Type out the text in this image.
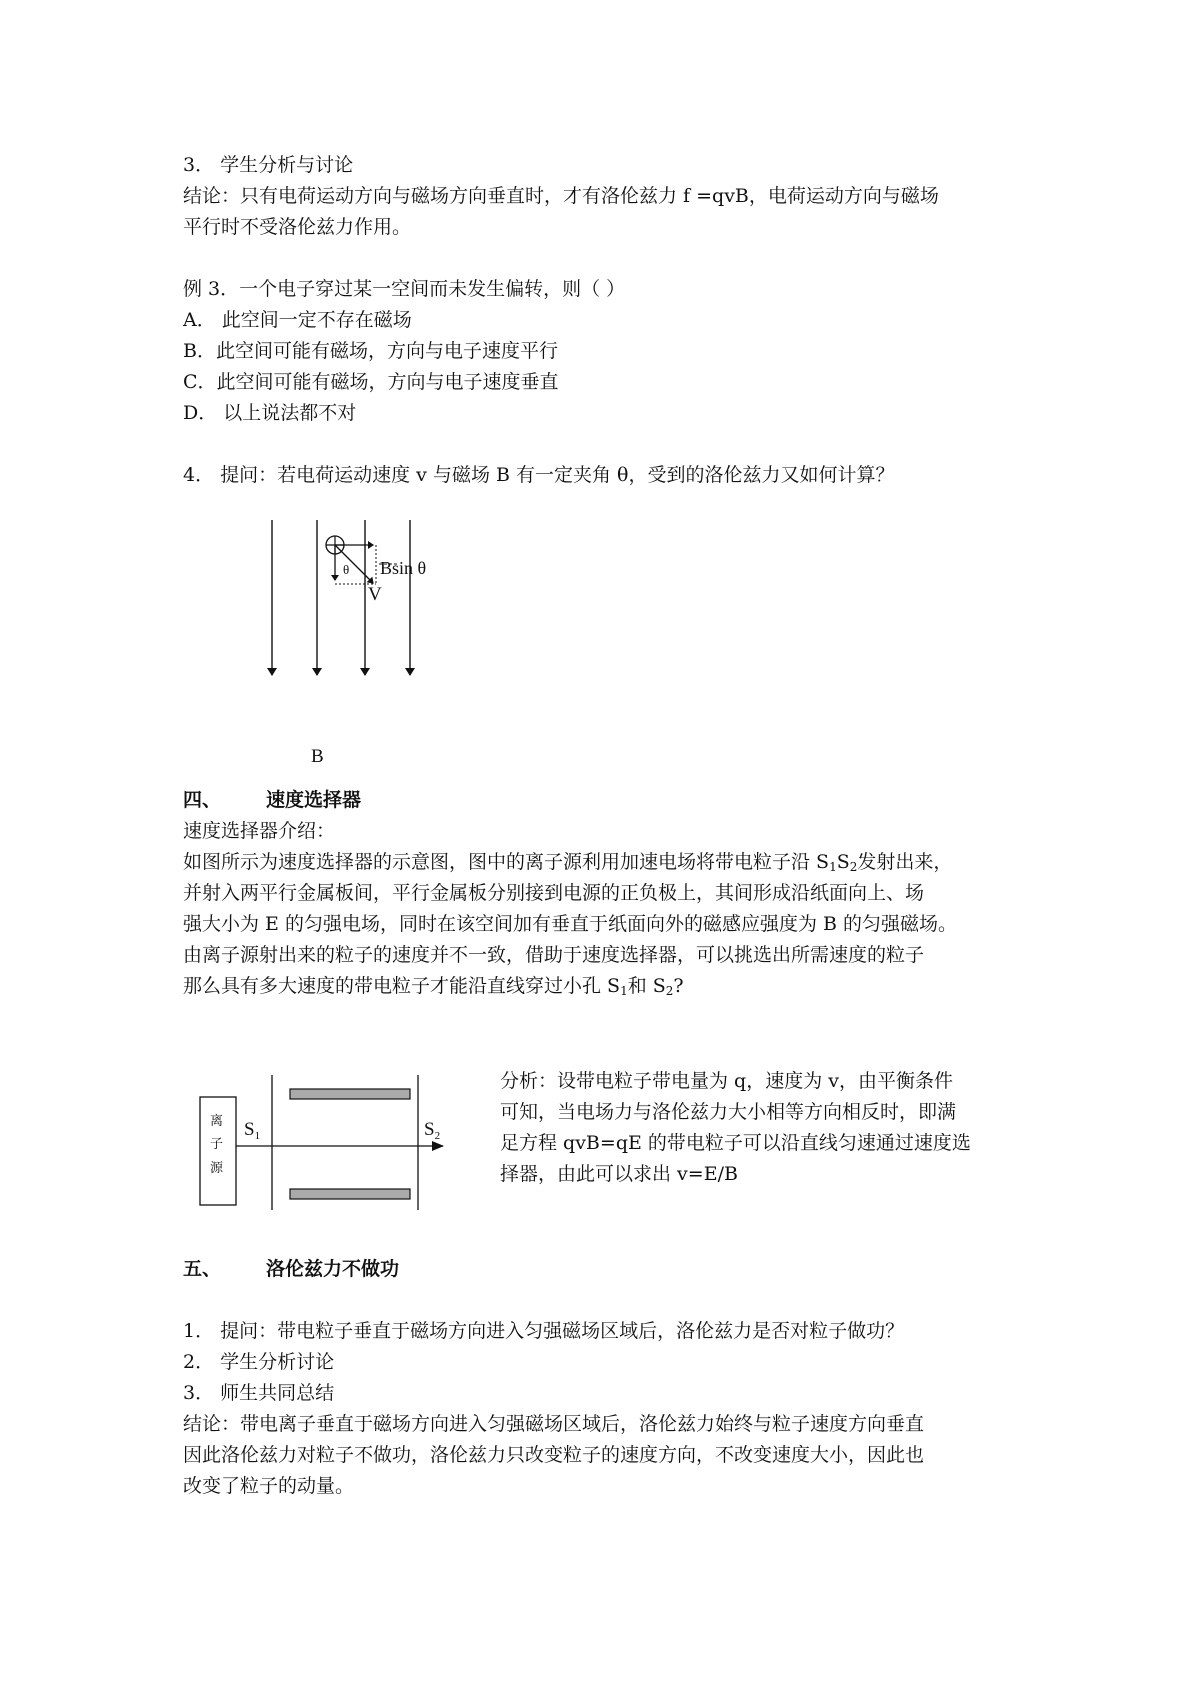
3． 学生分析与讨论

结论：只有电荷运动方向与磁场方向垂直时，才有洛伦兹力 f =qvB，电荷运动方向与磁场

平行时不受洛伦兹力作用。

例 3．一个电子穿过某一空间而未发生偏转，则（ ）

A． 此空间一定不存在磁场

B．此空间可能有磁场，方向与电子速度平行

C．此空间可能有磁场，方向与电子速度垂直

D． 以上说法都不对

4． 提问：若电荷运动速度 v 与磁场 B 有一定夹角 θ，受到的洛伦兹力又如何计算？

Bsin θ
θ
V
B

四、 速度选择器

速度选择器介绍：

如图所示为速度选择器的示意图，图中的离子源利用加速电场将带电粒子沿 $S_1S_2$发射出来，

并射入两平行金属板间，平行金属板分别接到电源的正负极上，其间形成沿纸面向上、场

强大小为 E 的匀强电场，同时在该空间加有垂直于纸面向外的磁感应强度为 B 的匀强磁场。

由离子源射出来的粒子的速度并不一致，借助于速度选择器，可以挑选出所需速度的粒子

那么具有多大速度的带电粒子才能沿直线穿过小孔 $S_1$和 $S_2$?

离
子
源
$S_1$	$S_2$

分析：设带电粒子带电量为 q，速度为 v，由平衡条件

可知，当电场力与洛伦兹力大小相等方向相反时，即满

足方程 qvB=qE 的带电粒子可以沿直线匀速通过速度选

择器，由此可以求出 v=E/B

五、 洛伦兹力不做功

1． 提问：带电粒子垂直于磁场方向进入匀强磁场区域后，洛伦兹力是否对粒子做功？

2． 学生分析讨论

3． 师生共同总结

结论：带电离子垂直于磁场方向进入匀强磁场区域后，洛伦兹力始终与粒子速度方向垂直

因此洛伦兹力对粒子不做功，洛伦兹力只改变粒子的速度方向，不改变速度大小，因此也

改变了粒子的动量。
